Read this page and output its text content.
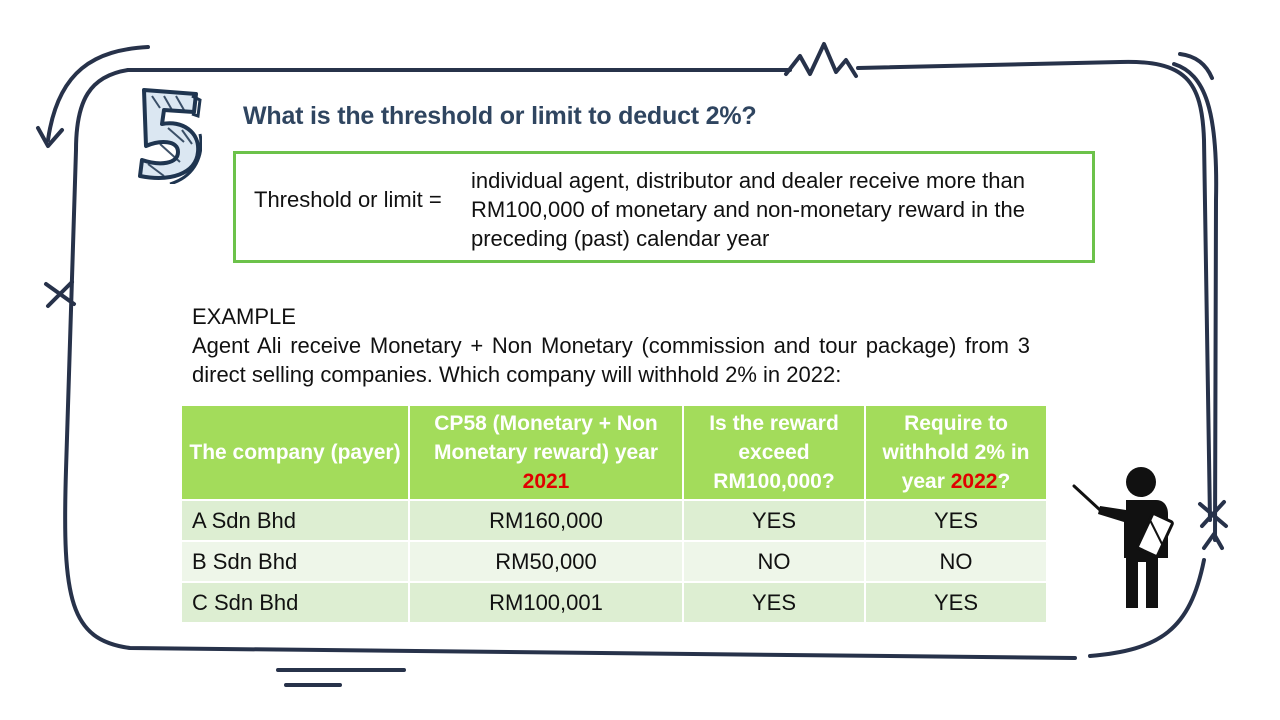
What is the threshold or limit to deduct 2%?
Threshold or limit =
individual agent, distributor and dealer receive more than RM100,000 of monetary and non-monetary reward in the preceding (past) calendar year
EXAMPLE
Agent Ali receive Monetary + Non Monetary (commission and tour package) from 3 direct selling companies. Which company will withhold 2% in 2022:
The company (payer)	CP58 (Monetary + Non Monetary reward) year 2021	Is the reward exceed RM100,000?	Require to withhold 2% in year 2022?
A Sdn Bhd	RM160,000	YES	YES
B Sdn Bhd	RM50,000	NO	NO
C Sdn Bhd	RM100,001	YES	YES
